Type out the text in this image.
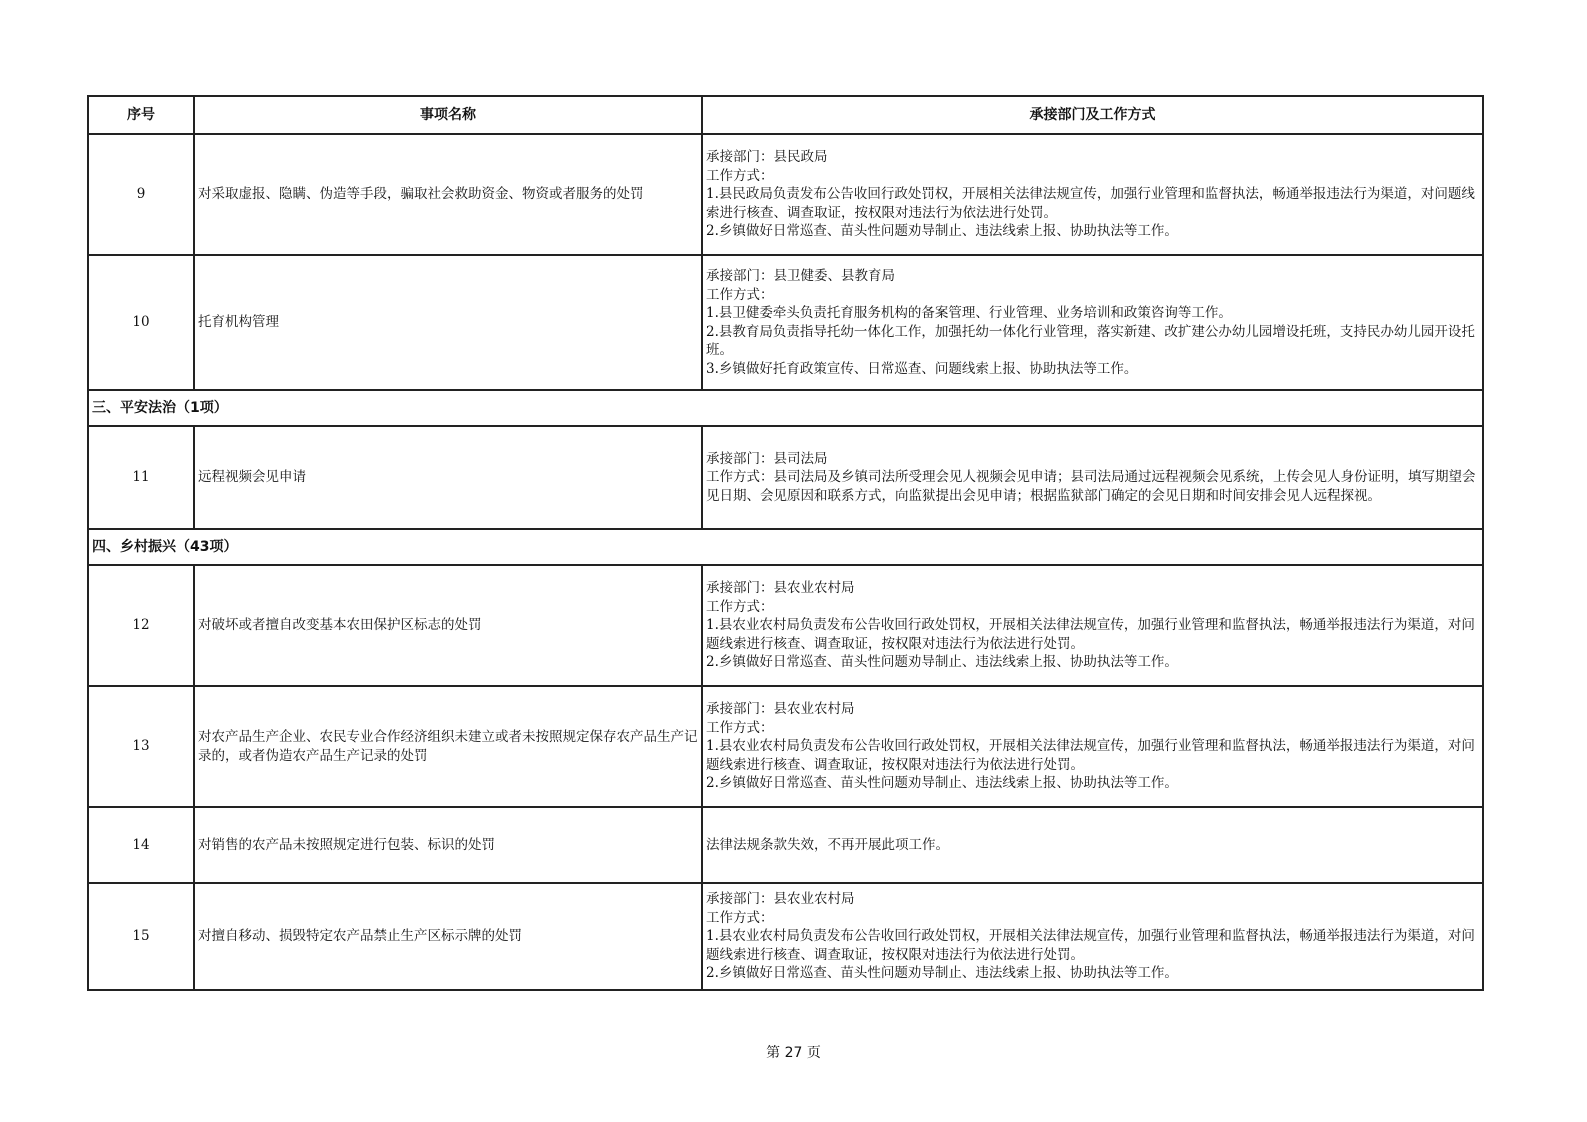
序号	事项名称	承接部门及工作方式
9	对采取虚报、隐瞒、伪造等手段，骗取社会救助资金、物资或者服务的处罚	承接部门：县民政局
工作方式：
1.县民政局负责发布公告收回行政处罚权，开展相关法律法规宣传，加强行业管理和监督执法，畅通举报违法行为渠道，对问题线索进行核查、调查取证，按权限对违法行为依法进行处罚。
2.乡镇做好日常巡查、苗头性问题劝导制止、违法线索上报、协助执法等工作。
10	托育机构管理	承接部门：县卫健委、县教育局
工作方式：
1.县卫健委牵头负责托育服务机构的备案管理、行业管理、业务培训和政策咨询等工作。
2.县教育局负责指导托幼一体化工作，加强托幼一体化行业管理，落实新建、改扩建公办幼儿园增设托班，支持民办幼儿园开设托班。
3.乡镇做好托育政策宣传、日常巡查、问题线索上报、协助执法等工作。
三、平安法治（1项）		
11	远程视频会见申请	承接部门：县司法局
工作方式：县司法局及乡镇司法所受理会见人视频会见申请；县司法局通过远程视频会见系统，上传会见人身份证明，填写期望会见日期、会见原因和联系方式，向监狱提出会见申请；根据监狱部门确定的会见日期和时间安排会见人远程探视。
四、乡村振兴（43项）		
12	对破坏或者擅自改变基本农田保护区标志的处罚	承接部门：县农业农村局
工作方式：
1.县农业农村局负责发布公告收回行政处罚权，开展相关法律法规宣传，加强行业管理和监督执法，畅通举报违法行为渠道，对问题线索进行核查、调查取证，按权限对违法行为依法进行处罚。
2.乡镇做好日常巡查、苗头性问题劝导制止、违法线索上报、协助执法等工作。
13	对农产品生产企业、农民专业合作经济组织未建立或者未按照规定保存农产品生产记录的，或者伪造农产品生产记录的处罚	承接部门：县农业农村局
工作方式：
1.县农业农村局负责发布公告收回行政处罚权，开展相关法律法规宣传，加强行业管理和监督执法，畅通举报违法行为渠道，对问题线索进行核查、调查取证，按权限对违法行为依法进行处罚。
2.乡镇做好日常巡查、苗头性问题劝导制止、违法线索上报、协助执法等工作。
14	对销售的农产品未按照规定进行包装、标识的处罚	法律法规条款失效，不再开展此项工作。
15	对擅自移动、损毁特定农产品禁止生产区标示牌的处罚	承接部门：县农业农村局
工作方式：
1.县农业农村局负责发布公告收回行政处罚权，开展相关法律法规宣传，加强行业管理和监督执法，畅通举报违法行为渠道，对问题线索进行核查、调查取证，按权限对违法行为依法进行处罚。
2.乡镇做好日常巡查、苗头性问题劝导制止、违法线索上报、协助执法等工作。
第 27 页
